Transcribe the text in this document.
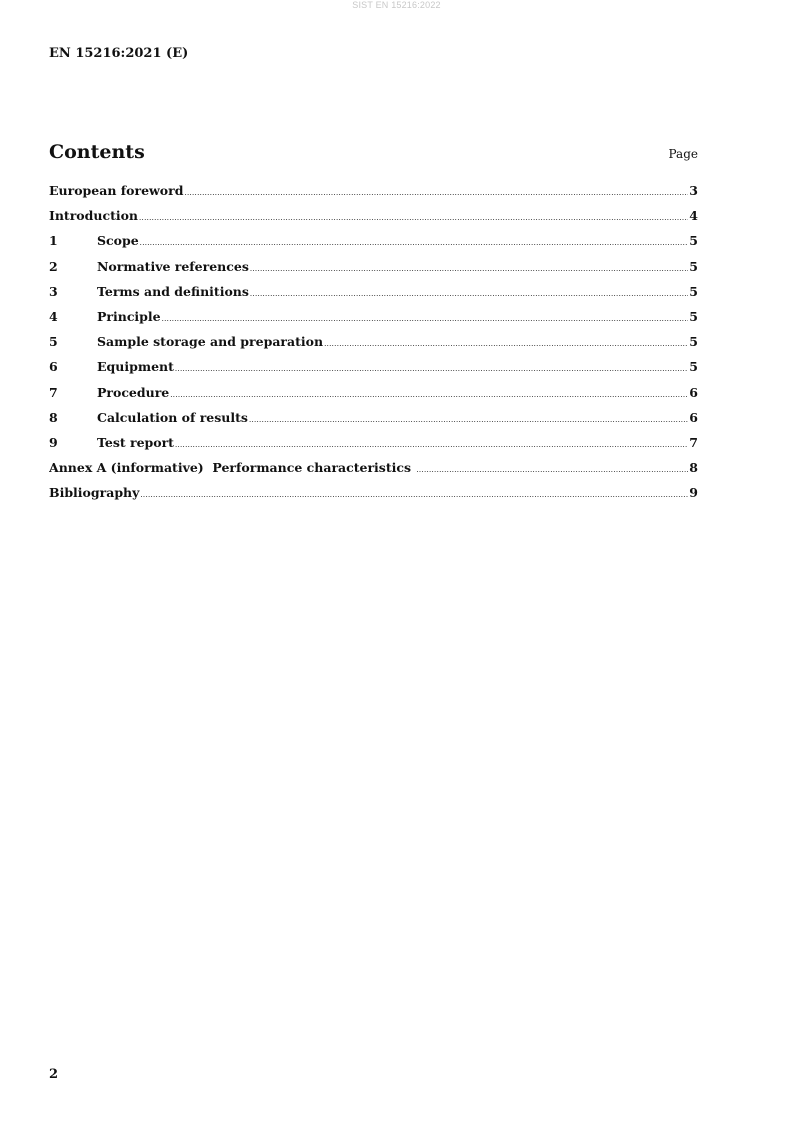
SIST EN 15216:2022
EN 15216:2021 (E)
Contents	Page
European foreword .....	3
Introduction .....	4
1	Scope .....	5
2	Normative references .....	5
3	Terms and definitions .....	5
4	Principle .....	5
5	Sample storage and preparation .....	5
6	Equipment .....	5
7	Procedure .....	6
8	Calculation of results .....	6
9	Test report .....	7
Annex A (informative)  Performance characteristics .....	8
Bibliography .....	9
2
